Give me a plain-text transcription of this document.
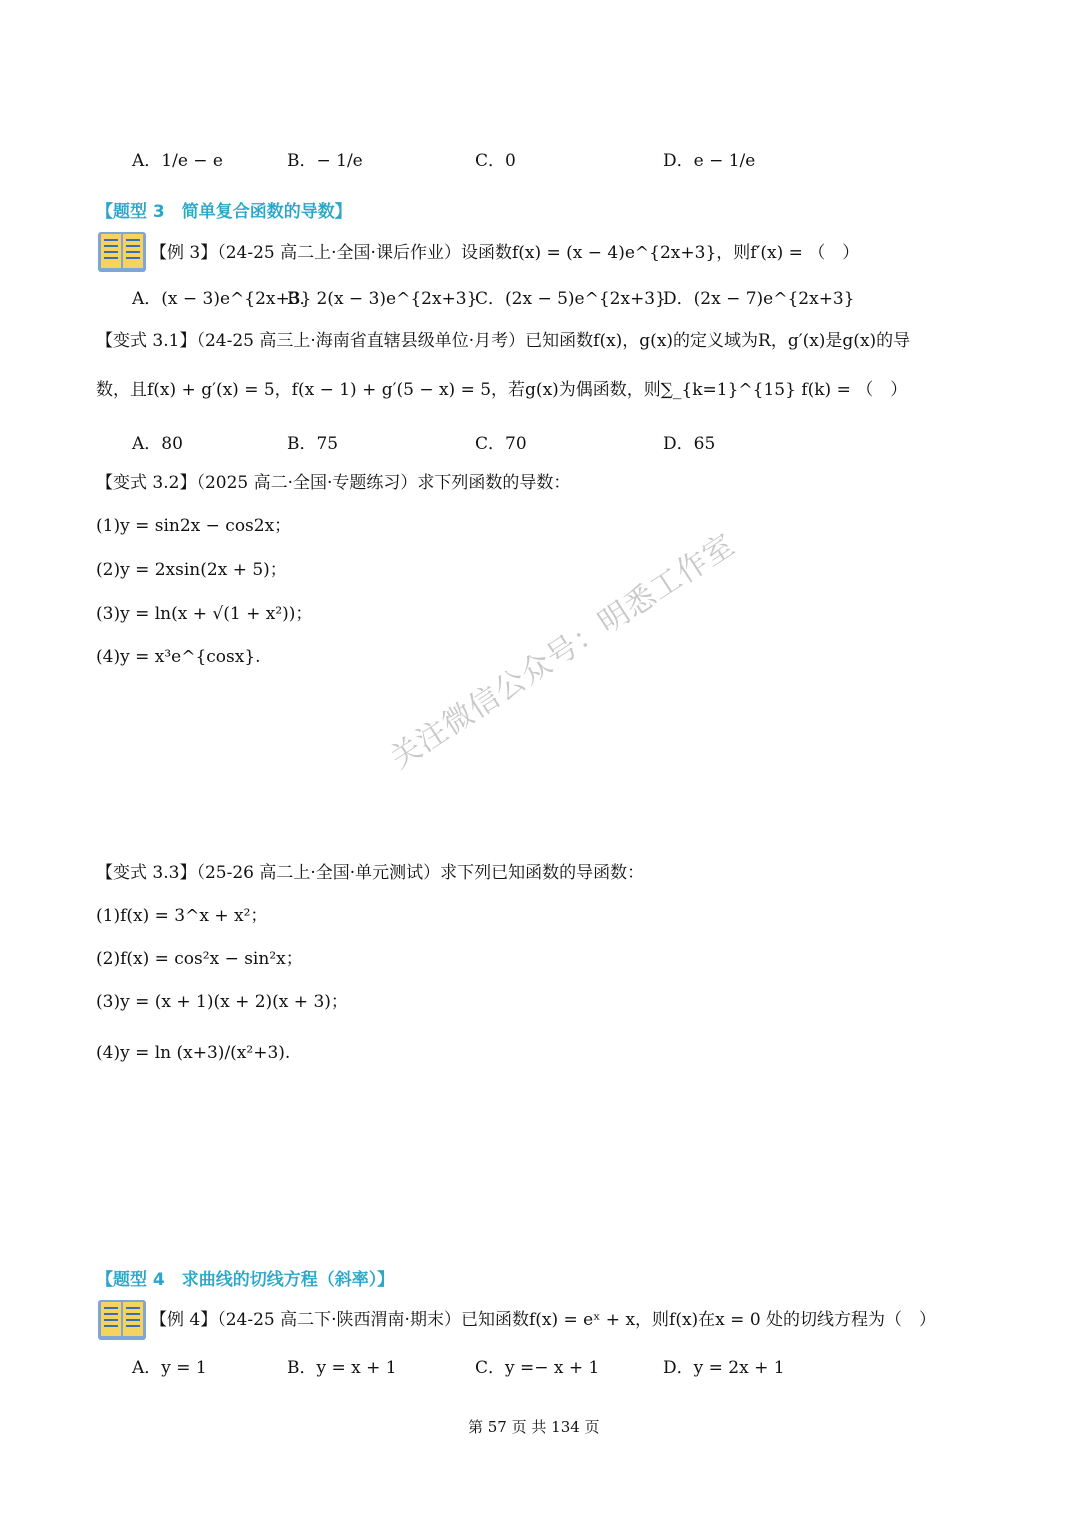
A．1/e − e	B．− 1/e	C．0	D．e − 1/e
【题型 3　简单复合函数的导数】
【例 3】（24-25 高二上·全国·课后作业）设函数f(x) = (x − 4)e^{2x+3}，则f′(x) = （　）
A．(x − 3)e^{2x+3}
B．2(x − 3)e^{2x+3}
C．(2x − 5)e^{2x+3}
D．(2x − 7)e^{2x+3}
【变式 3.1】（24-25 高三上·海南省直辖县级单位·月考）已知函数f(x)，g(x)的定义域为R，g′(x)是g(x)的导
数，且f(x) + g′(x) = 5，f(x − 1) + g′(5 − x) = 5，若g(x)为偶函数，则∑_{k=1}^{15} f(k) = （　）
A．80	B．75	C．70	D．65
【变式 3.2】（2025 高二·全国·专题练习）求下列函数的导数：
(1)y = sin2x − cos2x；
(2)y = 2xsin(2x + 5)；
(3)y = ln(x + √(1 + x²))；
(4)y = x³e^{cosx}.	关注微信公众号：明悉工作室
【变式 3.3】（25-26 高二上·全国·单元测试）求下列已知函数的导函数：
(1)f(x) = 3^x + x²；
(2)f(x) = cos²x − sin²x；
(3)y = (x + 1)(x + 2)(x + 3)；
(4)y = ln (x+3)/(x²+3).
【题型 4　求曲线的切线方程（斜率）】
【例 4】（24-25 高二下·陕西渭南·期末）已知函数f(x) = eˣ + x，则f(x)在x = 0 处的切线方程为（　）
A．y = 1	B．y = x + 1	C．y =− x + 1	D．y = 2x + 1
第 57 页 共 134 页
